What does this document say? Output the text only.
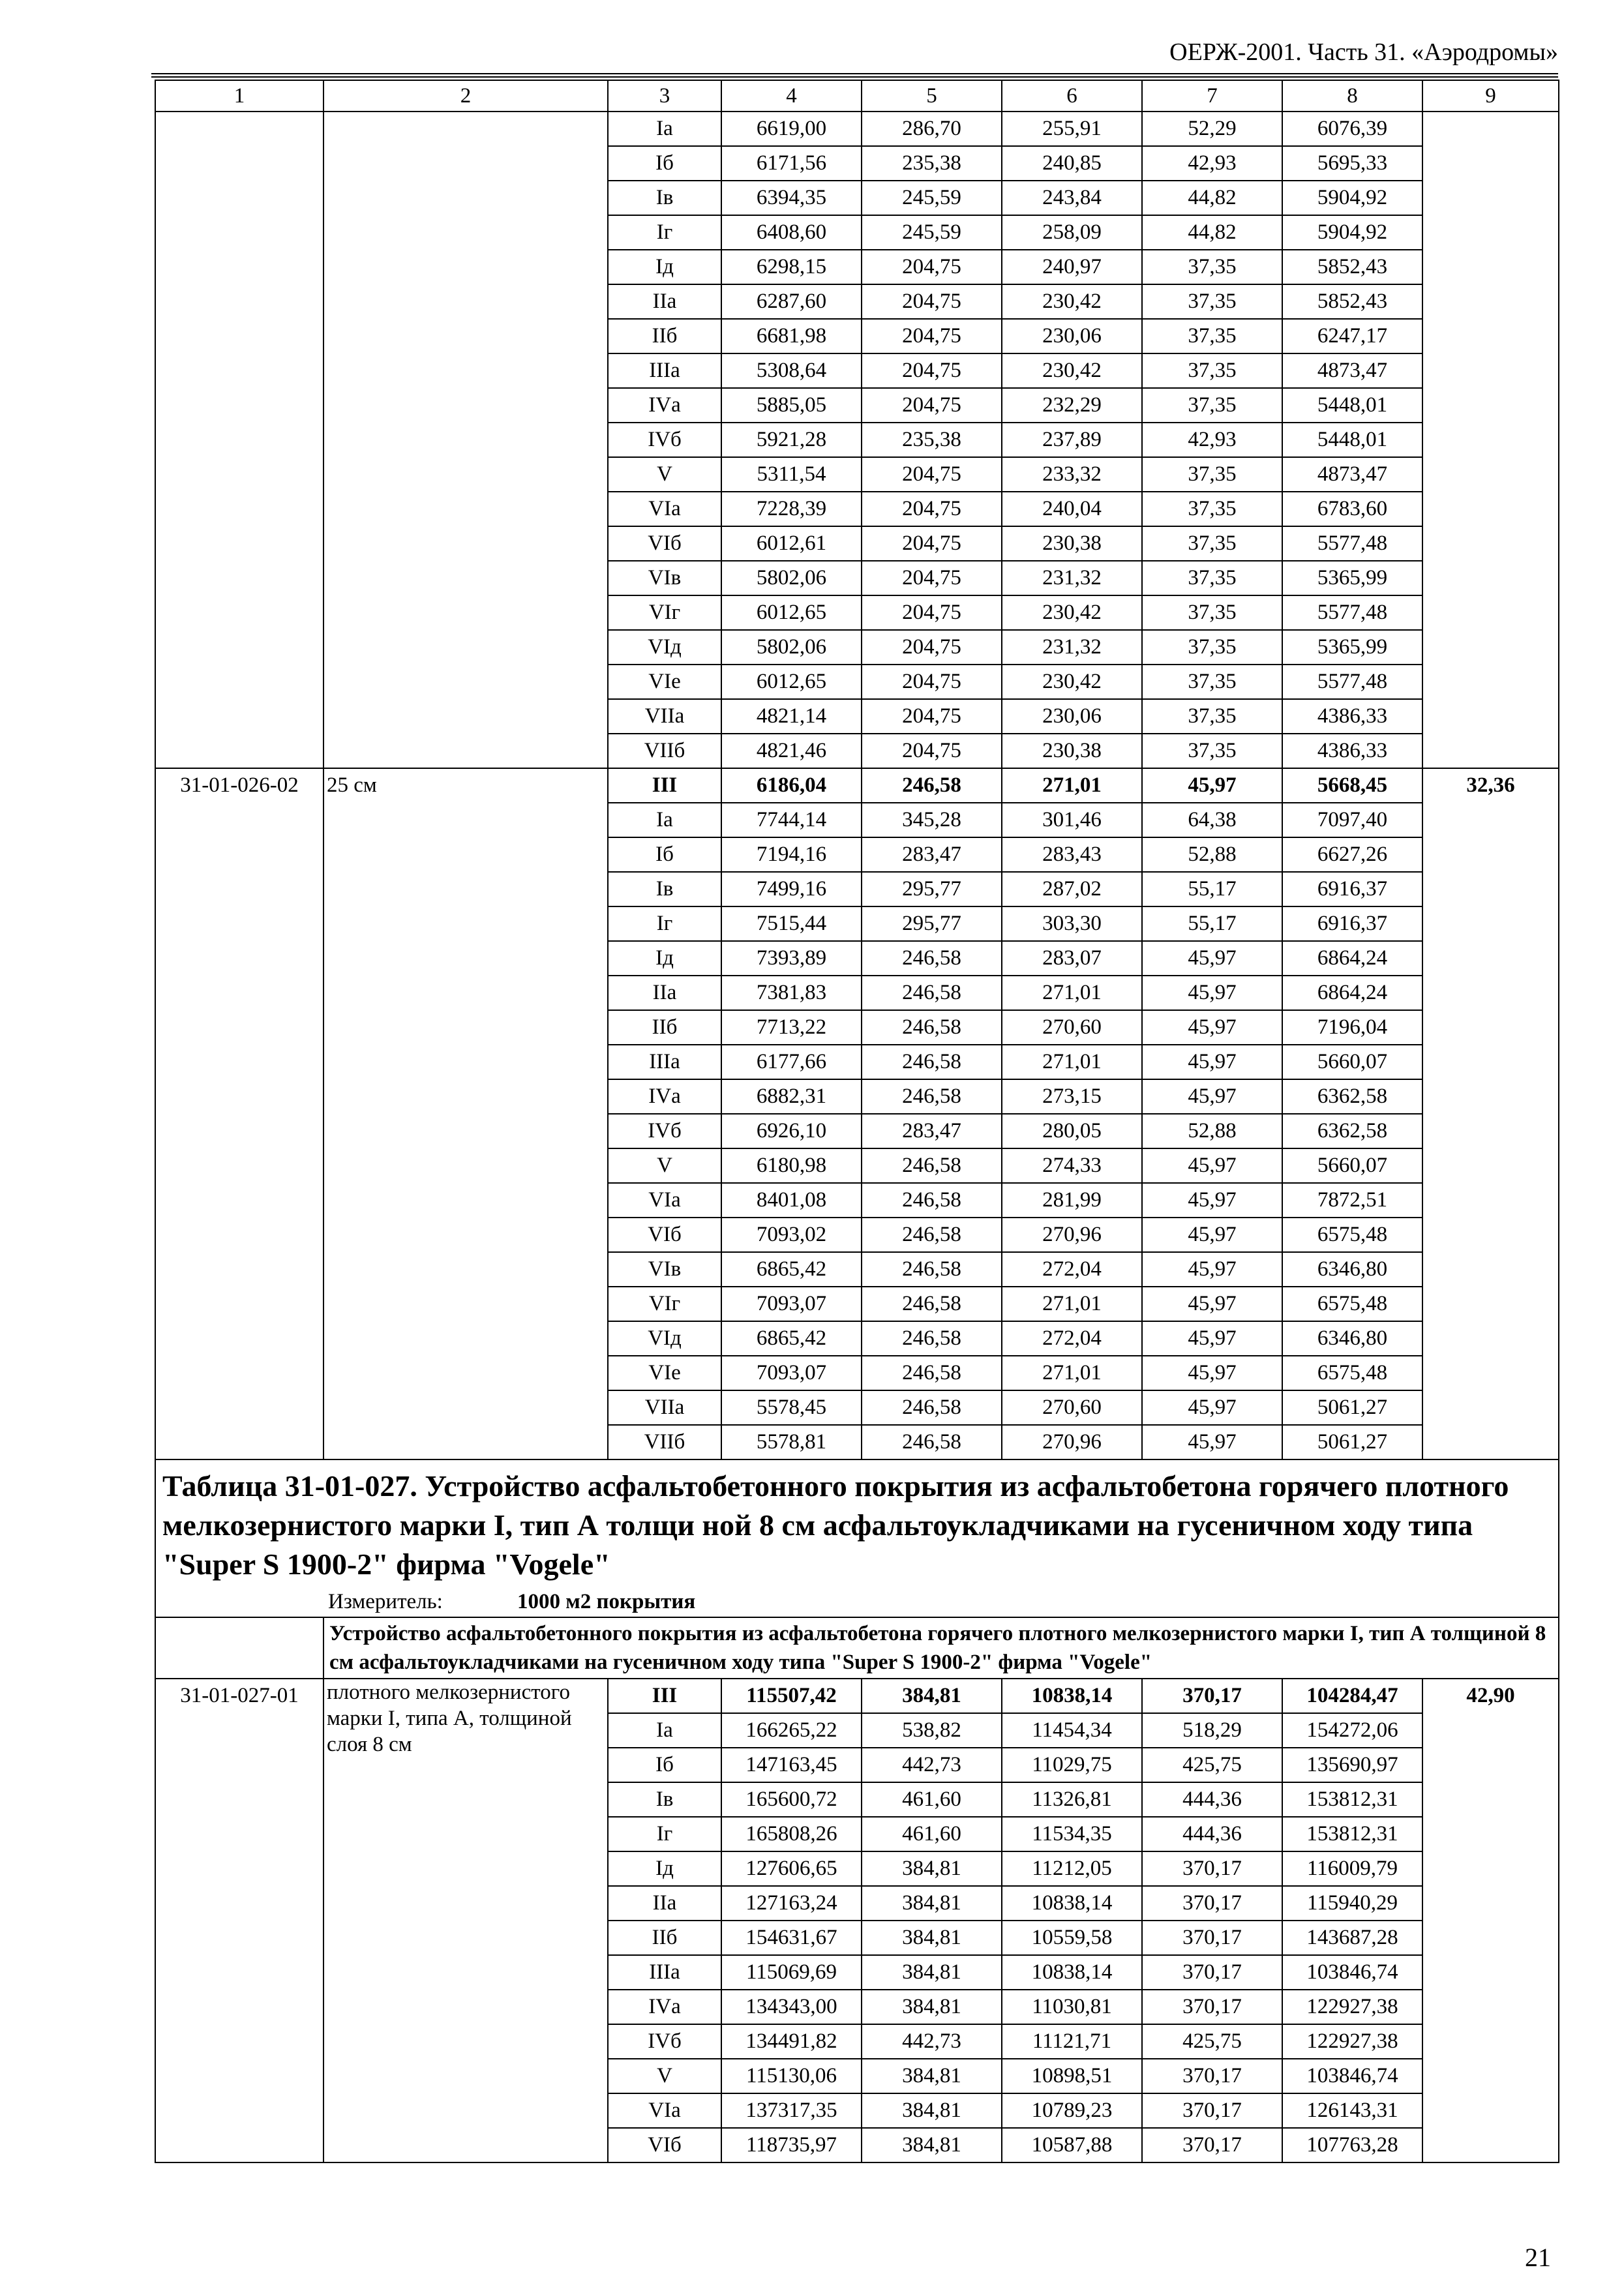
ОЕРЖ-2001. Часть 31. «Аэродромы»
1	2	3	4	5	6	7	8	9
		Iа	6619,00	286,70	255,91	52,29	6076,39	
		Iб	6171,56	235,38	240,85	42,93	5695,33	
		Iв	6394,35	245,59	243,84	44,82	5904,92	
		Iг	6408,60	245,59	258,09	44,82	5904,92	
		Iд	6298,15	204,75	240,97	37,35	5852,43	
		IIа	6287,60	204,75	230,42	37,35	5852,43	
		IIб	6681,98	204,75	230,06	37,35	6247,17	
		IIIа	5308,64	204,75	230,42	37,35	4873,47	
		IVа	5885,05	204,75	232,29	37,35	5448,01	
		IVб	5921,28	235,38	237,89	42,93	5448,01	
		V	5311,54	204,75	233,32	37,35	4873,47	
		VIа	7228,39	204,75	240,04	37,35	6783,60	
		VIб	6012,61	204,75	230,38	37,35	5577,48	
		VIв	5802,06	204,75	231,32	37,35	5365,99	
		VIг	6012,65	204,75	230,42	37,35	5577,48	
		VIд	5802,06	204,75	231,32	37,35	5365,99	
		VIе	6012,65	204,75	230,42	37,35	5577,48	
		VIIа	4821,14	204,75	230,06	37,35	4386,33	
		VIIб	4821,46	204,75	230,38	37,35	4386,33	
31-01-026-02	25 см	III	6186,04	246,58	271,01	45,97	5668,45	32,36
		Iа	7744,14	345,28	301,46	64,38	7097,40	
		Iб	7194,16	283,47	283,43	52,88	6627,26	
		Iв	7499,16	295,77	287,02	55,17	6916,37	
		Iг	7515,44	295,77	303,30	55,17	6916,37	
		Iд	7393,89	246,58	283,07	45,97	6864,24	
		IIа	7381,83	246,58	271,01	45,97	6864,24	
		IIб	7713,22	246,58	270,60	45,97	7196,04	
		IIIа	6177,66	246,58	271,01	45,97	5660,07	
		IVа	6882,31	246,58	273,15	45,97	6362,58	
		IVб	6926,10	283,47	280,05	52,88	6362,58	
		V	6180,98	246,58	274,33	45,97	5660,07	
		VIа	8401,08	246,58	281,99	45,97	7872,51	
		VIб	7093,02	246,58	270,96	45,97	6575,48	
		VIв	6865,42	246,58	272,04	45,97	6346,80	
		VIг	7093,07	246,58	271,01	45,97	6575,48	
		VIд	6865,42	246,58	272,04	45,97	6346,80	
		VIе	7093,07	246,58	271,01	45,97	6575,48	
		VIIа	5578,45	246,58	270,60	45,97	5061,27	
		VIIб	5578,81	246,58	270,96	45,97	5061,27	
Таблица 31-01-027. Устройство асфальтобетонного покрытия из асфальтобетона горячего плотного мелкозернистого марки I, тип А толщи ной 8 см асфальтоукладчиками на гусеничном ходу типа "Super S 1900-2" фирма "Vogele"								
Измеритель: 1000 м2 покрытия								
	Устройство асфальтобетонного покрытия из асфальтобетона горячего плотного мелкозернистого марки I, тип А толщиной 8 см асфальтоукладчиками на гусеничном ходу типа "Super S 1900-2" фирма "Vogele"							
31-01-027-01	плотного мелкозернистого марки I, типа А, толщиной слоя 8 см	III	115507,42	384,81	10838,14	370,17	104284,47	42,90
		Iа	166265,22	538,82	11454,34	518,29	154272,06	
		Iб	147163,45	442,73	11029,75	425,75	135690,97	
		Iв	165600,72	461,60	11326,81	444,36	153812,31	
		Iг	165808,26	461,60	11534,35	444,36	153812,31	
		Iд	127606,65	384,81	11212,05	370,17	116009,79	
		IIа	127163,24	384,81	10838,14	370,17	115940,29	
		IIб	154631,67	384,81	10559,58	370,17	143687,28	
		IIIа	115069,69	384,81	10838,14	370,17	103846,74	
		IVа	134343,00	384,81	11030,81	370,17	122927,38	
		IVб	134491,82	442,73	11121,71	425,75	122927,38	
		V	115130,06	384,81	10898,51	370,17	103846,74	
		VIа	137317,35	384,81	10789,23	370,17	126143,31	
		VIб	118735,97	384,81	10587,88	370,17	107763,28	
21
